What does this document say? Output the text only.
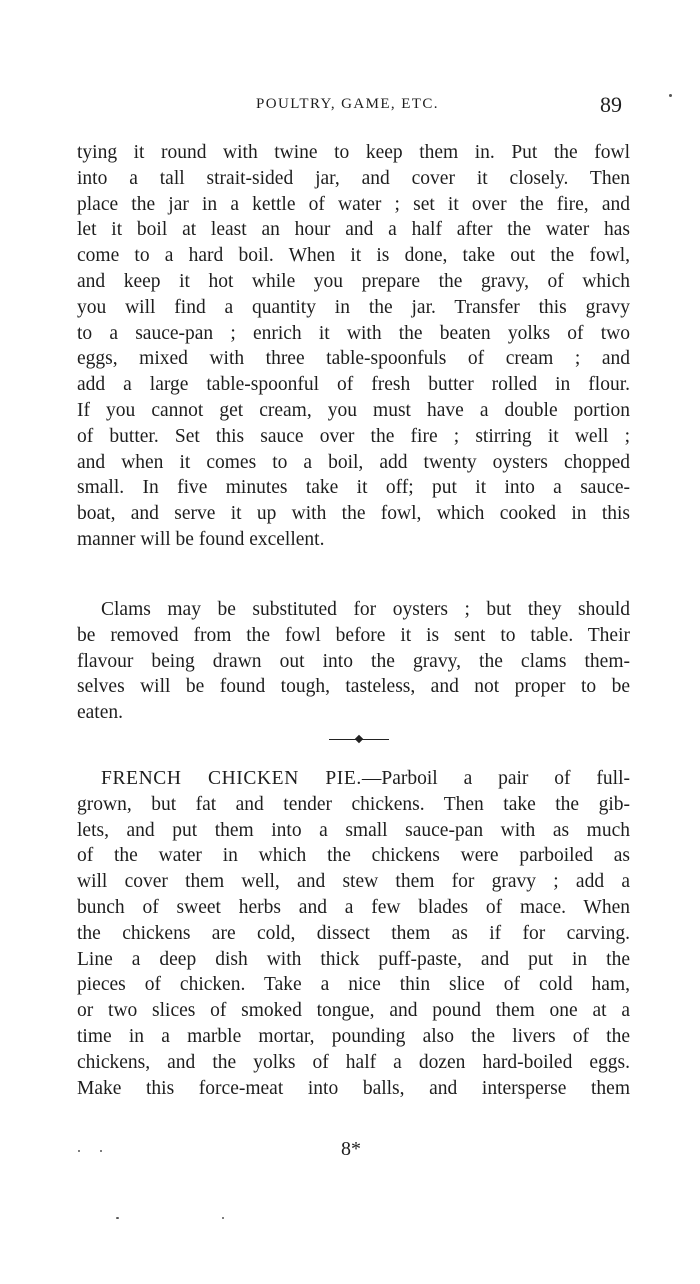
POULTRY, GAME, ETC.	89
tying it round with twine to keep them in. Put the fowl
into a tall strait-sided jar, and cover it closely. Then
place the jar in a kettle of water ; set it over the fire, and
let it boil at least an hour and a half after the water has
come to a hard boil. When it is done, take out the fowl,
and keep it hot while you prepare the gravy, of which
you will find a quantity in the jar. Transfer this gravy
to a sauce-pan ; enrich it with the beaten yolks of two
eggs, mixed with three table-spoonfuls of cream ; and
add a large table-spoonful of fresh butter rolled in flour.
If you cannot get cream, you must have a double portion
of butter. Set this sauce over the fire ; stirring it well ;
and when it comes to a boil, add twenty oysters chopped
small. In five minutes take it off; put it into a sauce-
boat, and serve it up with the fowl, which cooked in this
manner will be found excellent.
Clams may be substituted for oysters ; but they should
be removed from the fowl before it is sent to table. Their
flavour being drawn out into the gravy, the clams them-
selves will be found tough, tasteless, and not proper to be
eaten.
FRENCH CHICKEN PIE.—Parboil a pair of full-
grown, but fat and tender chickens. Then take the gib-
lets, and put them into a small sauce-pan with as much
of the water in which the chickens were parboiled as
will cover them well, and stew them for gravy ; add a
bunch of sweet herbs and a few blades of mace. When
the chickens are cold, dissect them as if for carving.
Line a deep dish with thick puff-paste, and put in the
pieces of chicken. Take a nice thin slice of cold ham,
or two slices of smoked tongue, and pound them one at a
time in a marble mortar, pounding also the livers of the
chickens, and the yolks of half a dozen hard-boiled eggs.
Make this force-meat into balls, and intersperse them
8*
